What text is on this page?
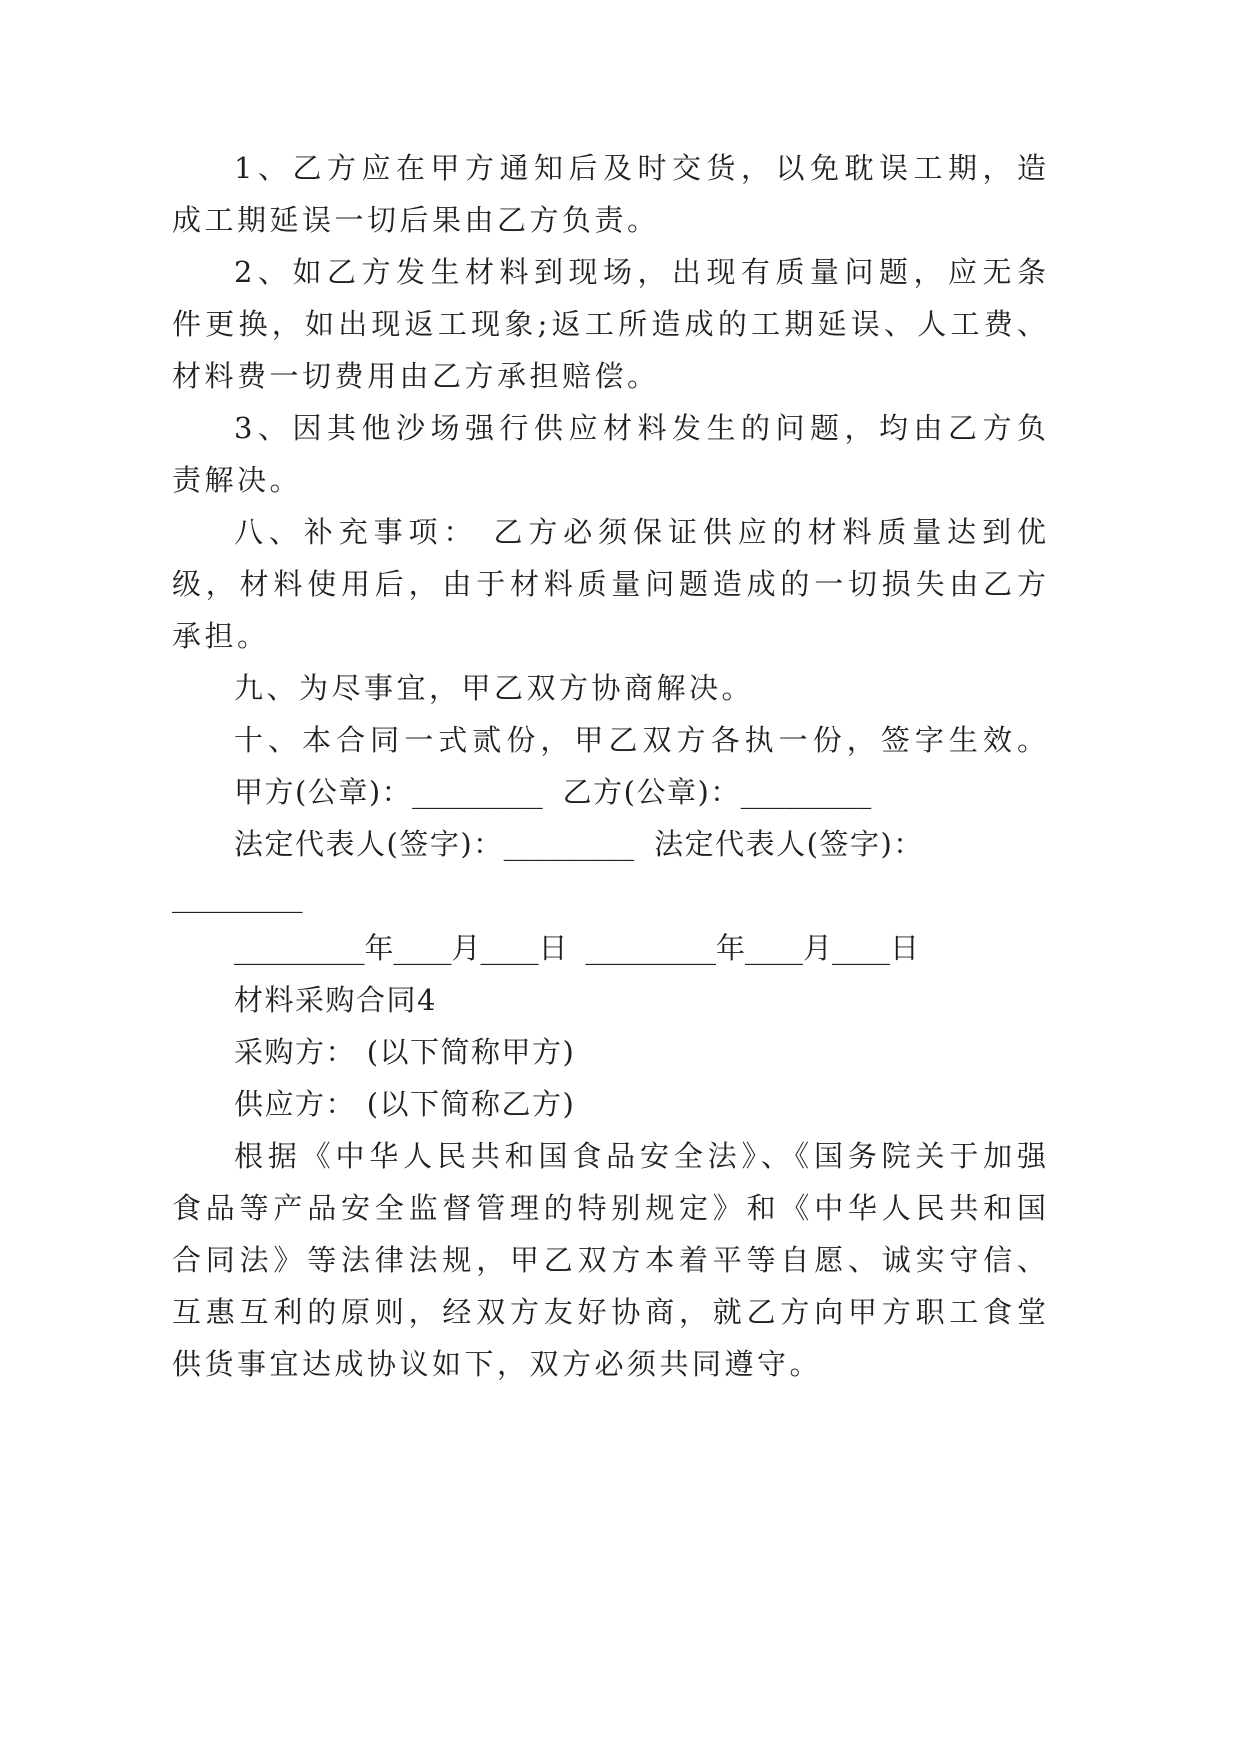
1、乙方应在甲方通知后及时交货，以免耽误工期，造
成工期延误一切后果由乙方负责。
2、如乙方发生材料到现场，出现有质量问题，应无条
件更换，如出现返工现象;返工所造成的工期延误、人工费、
材料费一切费用由乙方承担赔偿。
3、因其他沙场强行供应材料发生的问题，均由乙方负
责解决。
八、补充事项： 乙方必须保证供应的材料质量达到优
级，材料使用后，由于材料质量问题造成的一切损失由乙方
承担。
九、为尽事宜，甲乙双方协商解决。
十、本合同一式贰份，甲乙双方各执一份，签字生效。
甲方(公章)： _________ 乙方(公章)： _________
法定代表人(签字)： _________ 法定代表人(签字)：
_________
_________年____月____日 _________年____月____日
材料采购合同4
采购方： (以下简称甲方)
供应方： (以下简称乙方)
根据《中华人民共和国食品安全法》、《国务院关于加强
食品等产品安全监督管理的特别规定》和《中华人民共和国
合同法》等法律法规，甲乙双方本着平等自愿、诚实守信、
互惠互利的原则，经双方友好协商，就乙方向甲方职工食堂
供货事宜达成协议如下，双方必须共同遵守。
